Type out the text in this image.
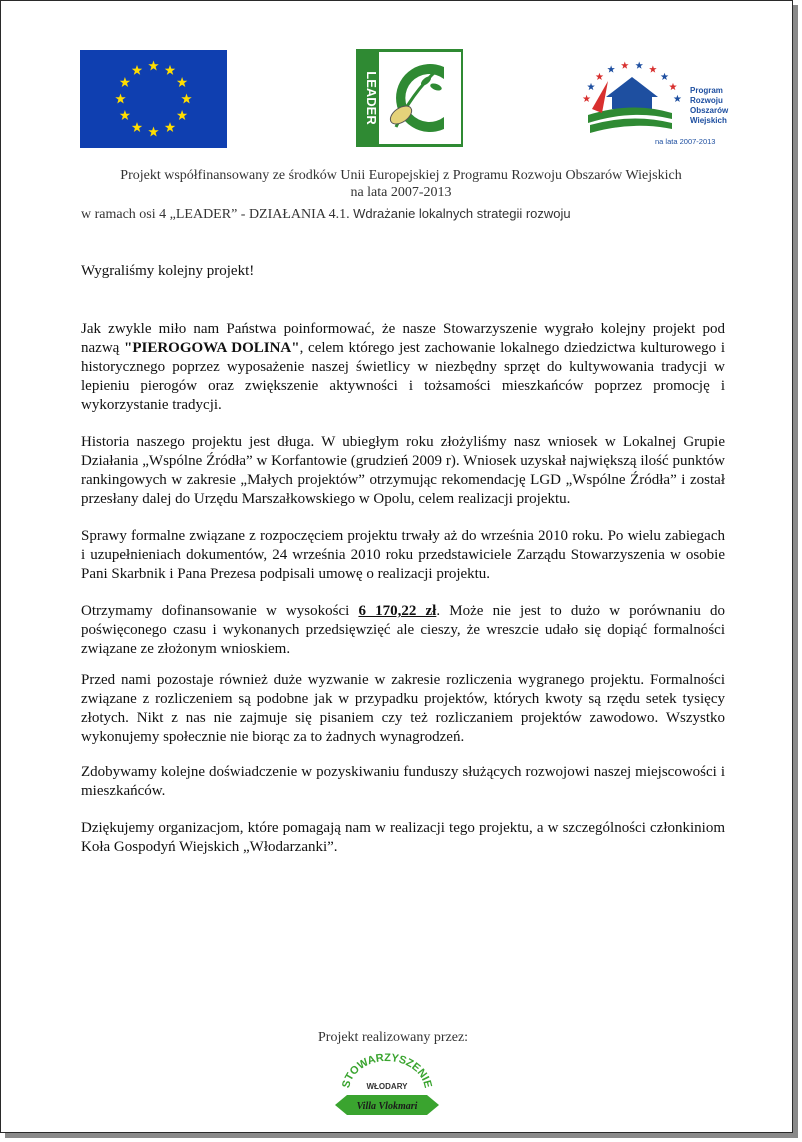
LEADER	Program
Rozwoju
Obszarów
Wiejskich
na lata 2007-2013
Projekt współfinansowany ze środków Unii Europejskiej z Programu Rozwoju Obszarów Wiejskich
na lata 2007-2013
w ramach osi 4 „LEADER” - DZIAŁANIA 4.1. Wdrażanie lokalnych strategii rozwoju
Wygraliśmy kolejny projekt!

Jak zwykle miło nam Państwa poinformować, że nasze Stowarzyszenie wygrało kolejny projekt pod nazwą "PIEROGOWA DOLINA", celem którego jest zachowanie lokalnego dziedzictwa kulturowego i historycznego poprzez wyposażenie naszej świetlicy w niezbędny sprzęt do kultywowania tradycji w lepieniu pierogów oraz zwiększenie aktywności i tożsamości mieszkańców poprzez promocję i wykorzystanie tradycji.

Historia naszego projektu jest długa. W ubiegłym roku złożyliśmy nasz wniosek w Lokalnej Grupie Działania „Wspólne Źródła” w Korfantowie (grudzień 2009 r). Wniosek uzyskał największą ilość punktów rankingowych w zakresie „Małych projektów” otrzymując rekomendację LGD „Wspólne Źródła” i został przesłany dalej do Urzędu Marszałkowskiego w Opolu, celem realizacji projektu.

Sprawy formalne związane z rozpoczęciem projektu trwały aż do września 2010 roku. Po wielu zabiegach i uzupełnieniach dokumentów, 24 września 2010 roku przedstawiciele Zarządu Stowarzyszenia w osobie Pani Skarbnik i Pana Prezesa podpisali umowę o realizacji projektu.

Otrzymamy dofinansowanie w wysokości 6 170,22 zł. Może nie jest to dużo w porównaniu do poświęconego czasu i wykonanych przedsięwzięć ale cieszy, że wreszcie udało się dopiąć formalności związane ze złożonym wnioskiem.

Przed nami pozostaje również duże wyzwanie w zakresie rozliczenia wygranego projektu. Formalności związane z rozliczeniem są podobne jak w przypadku projektów, których kwoty są rzędu setek tysięcy złotych. Nikt z nas nie zajmuje się pisaniem czy też rozliczaniem projektów zawodowo. Wszystko wykonujemy społecznie nie biorąc za to żadnych wynagrodzeń.

Zdobywamy kolejne doświadczenie w pozyskiwaniu funduszy służących rozwojowi naszej miejscowości i mieszkańców.

Dziękujemy organizacjom, które pomagają nam w realizacji tego projektu, a w szczególności członkiniom Koła Gospodyń Wiejskich „Włodarzanki”.

Projekt realizowany przez:
STOWARZYSZENIE
WŁODARY
Villa Vlokmari
